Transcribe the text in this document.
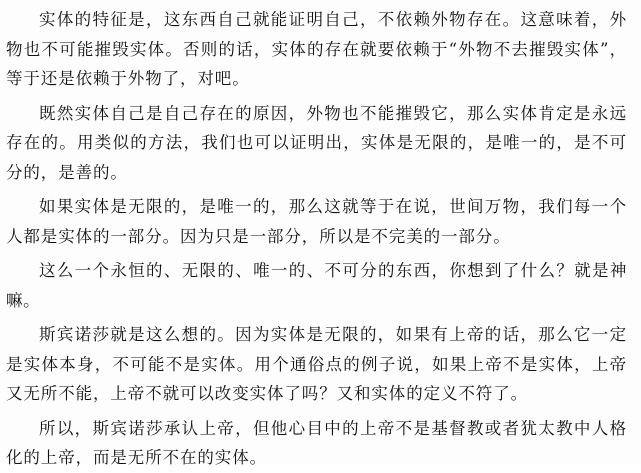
实体的特征是，这东西自己就能证明自己，不依赖外物存在。这意味着，外物也不可能摧毁实体。否则的话，实体的存在就要依赖于“外物不去摧毁实体”，等于还是依赖于外物了，对吧。

既然实体自己是自己存在的原因，外物也不能摧毁它，那么实体肯定是永远存在的。用类似的方法，我们也可以证明出，实体是无限的，是唯一的，是不可分的，是善的。

如果实体是无限的，是唯一的，那么这就等于在说，世间万物，我们每一个人都是实体的一部分。因为只是一部分，所以是不完美的一部分。

这么一个永恒的、无限的、唯一的、不可分的东西，你想到了什么？就是神嘛。

斯宾诺莎就是这么想的。因为实体是无限的，如果有上帝的话，那么它一定是实体本身，不可能不是实体。用个通俗点的例子说，如果上帝不是实体，上帝又无所不能，上帝不就可以改变实体了吗？又和实体的定义不符了。

所以，斯宾诺莎承认上帝，但他心目中的上帝不是基督教或者犹太教中人格化的上帝，而是无所不在的实体。
